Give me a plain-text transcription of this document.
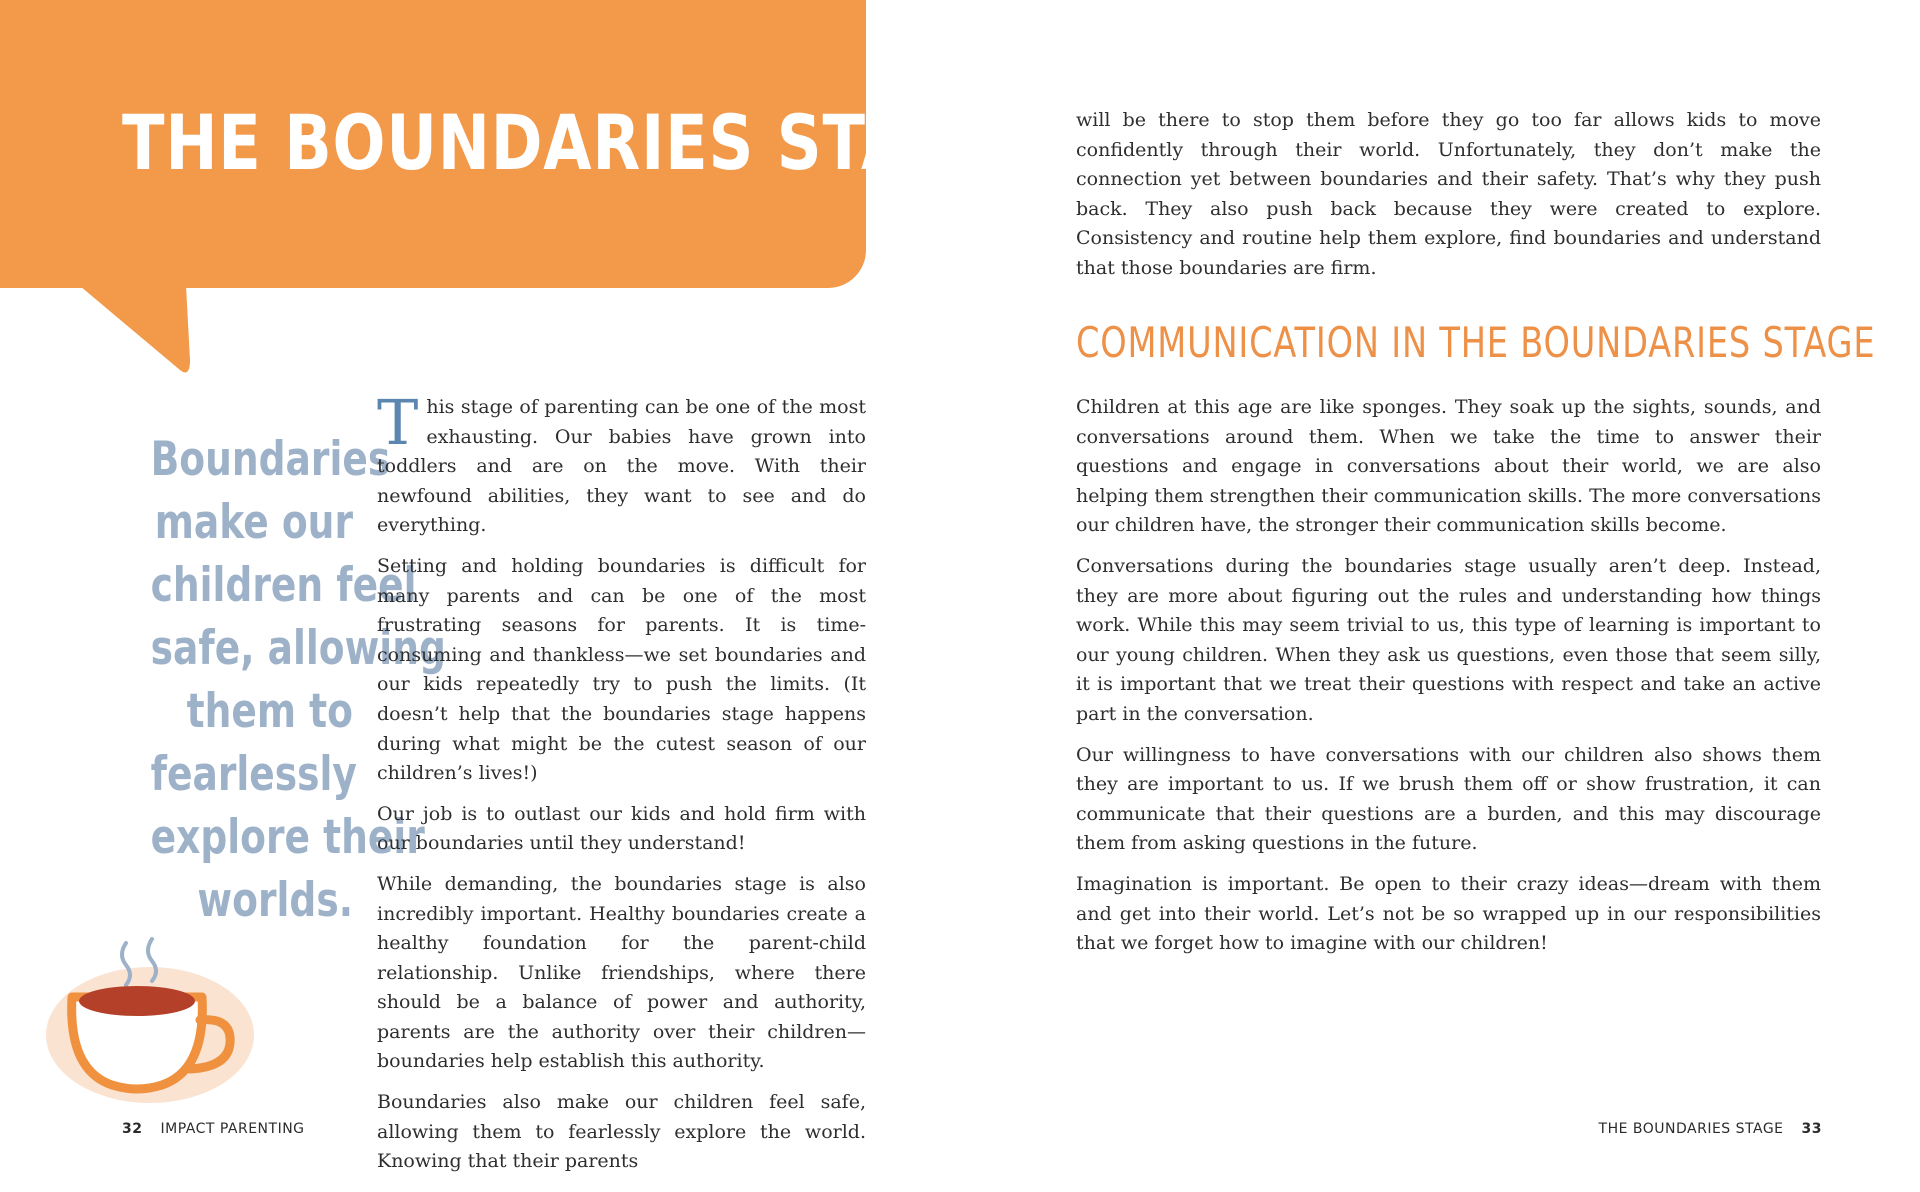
THE BOUNDARIES STAGE
Boundaries
make our
children feel
safe, allowing
them to
fearlessly
explore their
worlds.

This stage of parenting can be one of the most exhausting. Our babies have grown into toddlers and are on the move. With their newfound abilities, they want to see and do everything.

Setting and holding boundaries is difficult for many parents and can be one of the most frustrating seasons for parents. It is time-consuming and thankless—we set boundaries and our kids repeatedly try to push the limits. (It doesn’t help that the boundaries stage happens during what might be the cutest season of our children’s lives!)

Our job is to outlast our kids and hold firm with our boundaries until they understand!

While demanding, the boundaries stage is also incredibly important. Healthy boundaries create a healthy foundation for the parent-child relationship. Unlike friendships, where there should be a balance of power and authority, parents are the authority over their children—boundaries help establish this authority.

Boundaries also make our children feel safe, allowing them to fearlessly explore the world. Knowing that their parents

32 IMPACT PARENTING

will be there to stop them before they go too far allows kids to move confidently through their world. Unfortunately, they don’t make the connection yet between boundaries and their safety. That’s why they push back. They also push back because they were created to explore. Consistency and routine help them explore, find boundaries and understand that those boundaries are firm.

COMMUNICATION IN THE BOUNDARIES STAGE

Children at this age are like sponges. They soak up the sights, sounds, and conversations around them. When we take the time to answer their questions and engage in conversations about their world, we are also helping them strengthen their communication skills. The more conversations our children have, the stronger their communication skills become.

Conversations during the boundaries stage usually aren’t deep. Instead, they are more about figuring out the rules and understanding how things work. While this may seem trivial to us, this type of learning is important to our young children. When they ask us questions, even those that seem silly, it is important that we treat their questions with respect and take an active part in the conversation.

Our willingness to have conversations with our children also shows them they are important to us. If we brush them off or show frustration, it can communicate that their questions are a burden, and this may discourage them from asking questions in the future.

Imagination is important. Be open to their crazy ideas—dream with them and get into their world. Let’s not be so wrapped up in our responsibilities that we forget how to imagine with our children!

THE BOUNDARIES STAGE 33
